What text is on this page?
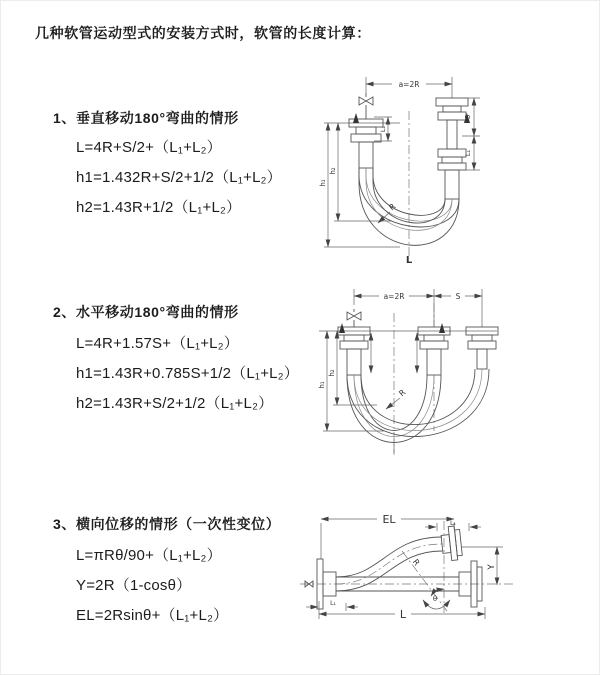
几种软管运动型式的安装方式时，软管的长度计算：
1、垂直移动180°弯曲的情形
L=4R+S/2+（L₁+L₂）
h1=1.432R+S/2+1/2（L₁+L₂）
h2=1.43R+1/2（L₁+L₂）
a=2R
h₁
h₂
S
L₁
L₁
R
L
2、水平移动180°弯曲的情形
L=4R+1.57S+（L₁+L₂）
h1=1.43R+0.785S+1/2（L₁+L₂）
h2=1.43R+S/2+1/2（L₁+L₂）
a=2R	S
h₁
h₂
R
3、横向位移的情形（一次性变位）
L=πRθ/90+（L₁+L₂）
Y=2R（1-cosθ）
EL=2Rsinθ+（L₁+L₂）
R
θ
EL	L₁
Y
L
L₁
